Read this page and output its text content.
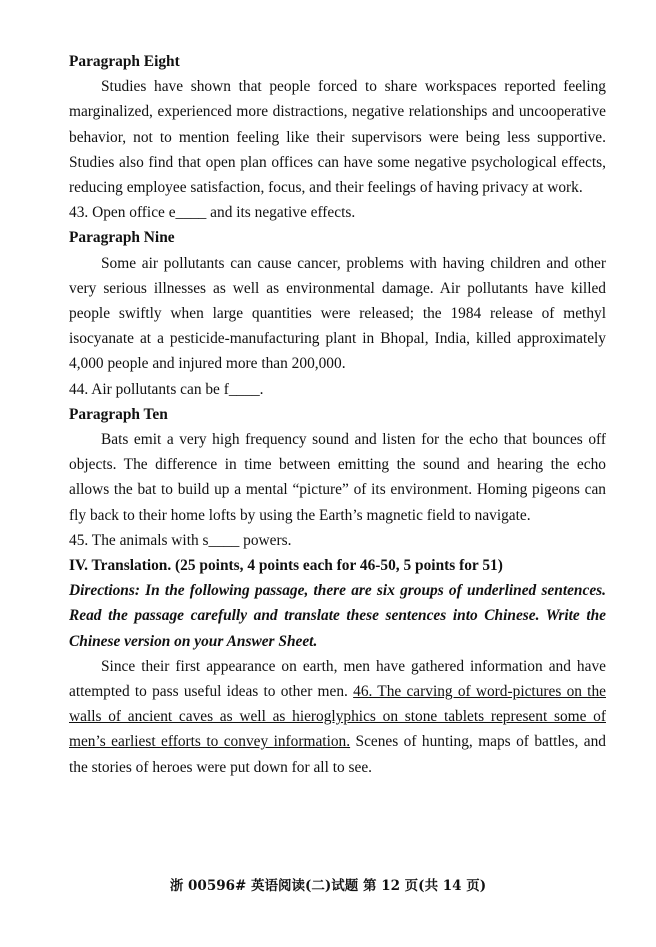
Paragraph Eight

Studies have shown that people forced to share workspaces reported feeling marginalized, experienced more distractions, negative relationships and uncooperative behavior, not to mention feeling like their supervisors were being less supportive. Studies also find that open plan offices can have some negative psychological effects, reducing employee satisfaction, focus, and their feelings of having privacy at work.

43. Open office e____ and its negative effects.

Paragraph Nine

Some air pollutants can cause cancer, problems with having children and other very serious illnesses as well as environmental damage. Air pollutants have killed people swiftly when large quantities were released; the 1984 release of methyl isocyanate at a pesticide-manufacturing plant in Bhopal, India, killed approximately 4,000 people and injured more than 200,000.

44. Air pollutants can be f____.

Paragraph Ten

Bats emit a very high frequency sound and listen for the echo that bounces off objects. The difference in time between emitting the sound and hearing the echo allows the bat to build up a mental “picture” of its environment. Homing pigeons can fly back to their home lofts by using the Earth’s magnetic field to navigate.

45. The animals with s____ powers.

IV. Translation. (25 points, 4 points each for 46-50, 5 points for 51)

Directions: In the following passage, there are six groups of underlined sentences. Read the passage carefully and translate these sentences into Chinese. Write the Chinese version on your Answer Sheet.

Since their first appearance on earth, men have gathered information and have attempted to pass useful ideas to other men. 46. The carving of word-pictures on the walls of ancient caves as well as hieroglyphics on stone tablets represent some of men’s earliest efforts to convey information. Scenes of hunting, maps of battles, and the stories of heroes were put down for all to see.

浙 00596# 英语阅读(二)试题 第 12 页(共 14 页)
